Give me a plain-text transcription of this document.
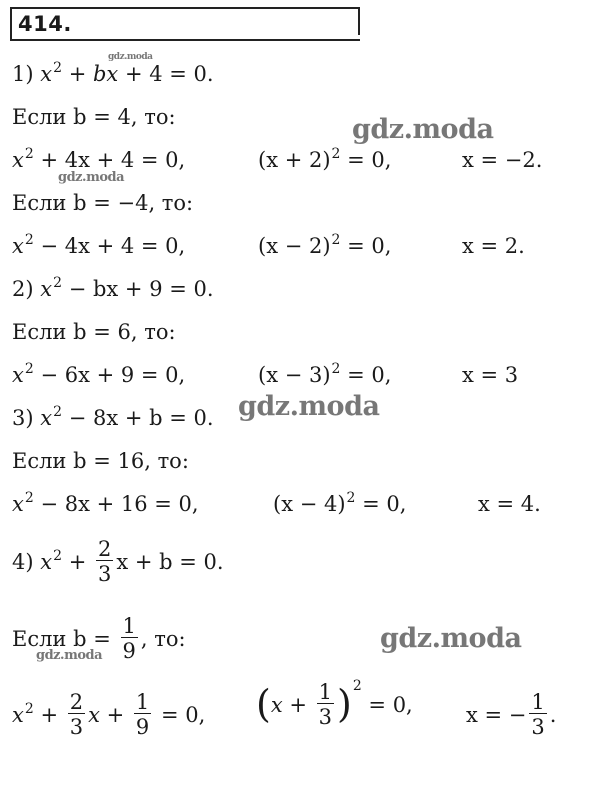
414.
1) $x^2$ + bx + 4 = 0.
Если b = 4, то:
$x^2 + 4x + 4 = 0$,	$(x + 2)^2 = 0$,	x = −2.
Если b = −4, то:
$x^2 - 4x + 4 = 0$,	$(x - 2)^2 = 0$,	x = 2.
2) $x^2$ − bx + 9 = 0.
Если b = 6, то:
$x^2 - 6x + 9 = 0$,	$(x - 3)^2 = 0$,	x = 3
3) $x^2 - 8x + b = 0$.
Если b = 16, то:
$x^2 - 8x + 16 = 0$,	$(x - 4)^2 = 0$,	x = 4.
4) $x^2 + \frac{2}{3}$ x + b = 0.
Если $b = \frac{1}{9}$ , то:
$x^2 + \frac{2}{3}$ $x + \frac{1}{9} = 0$, $(x + \frac{1}{3} )^2 = 0$,	x = − $\frac{1}{3}$ .
gdz.moda
gdz.moda
gdz.moda
gdz.moda
gdz.moda
gdz.moda
